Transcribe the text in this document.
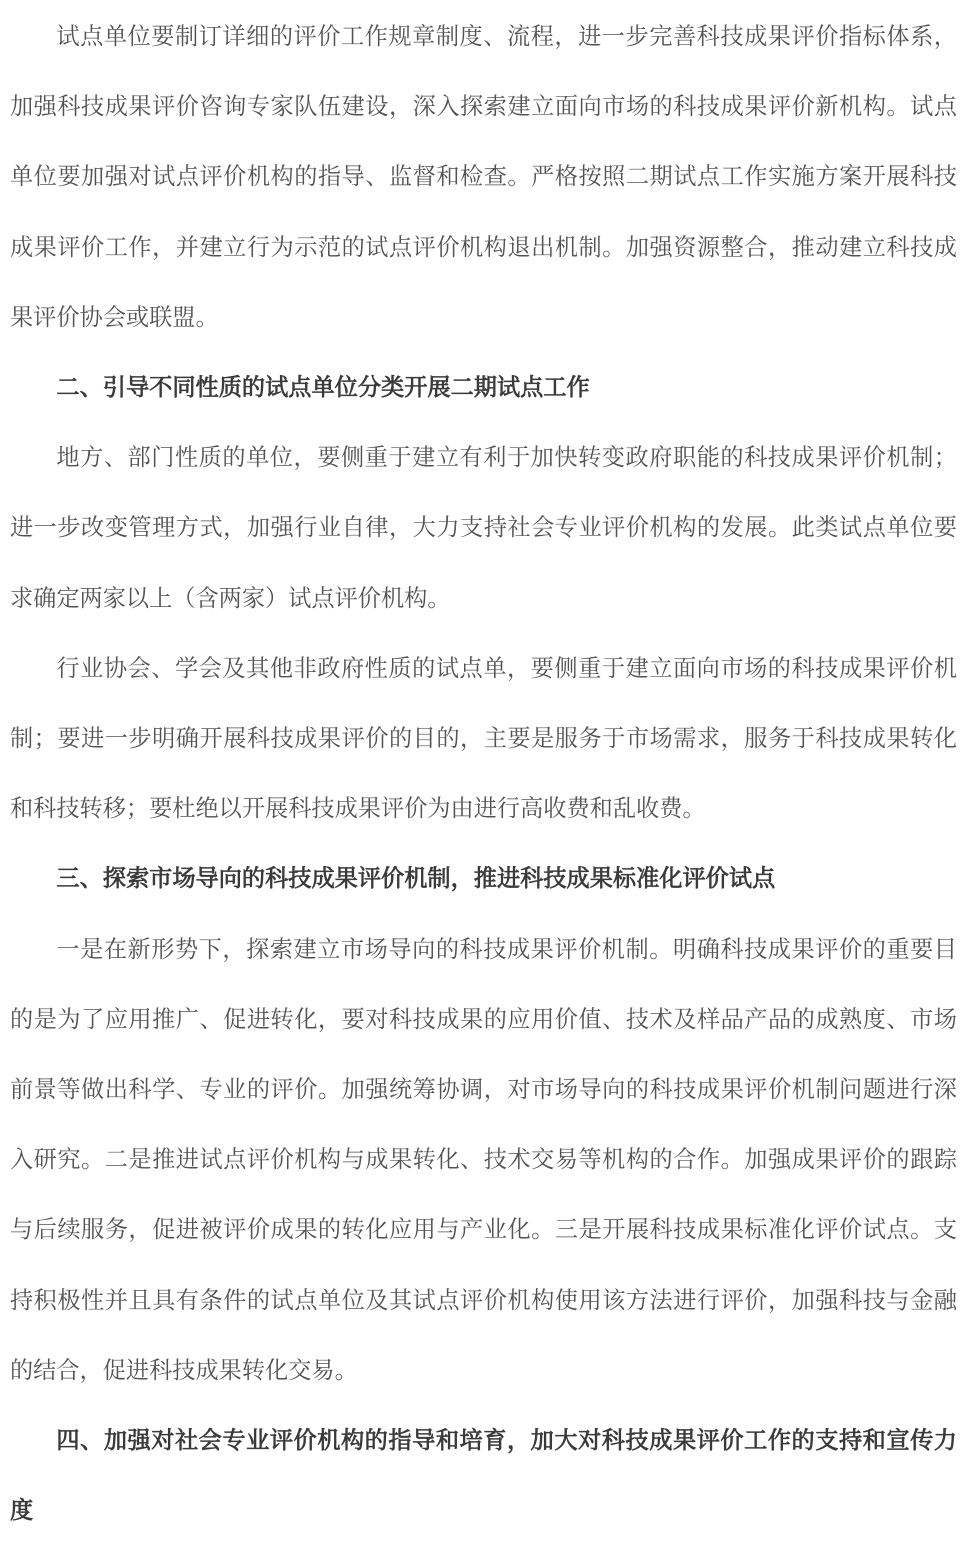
试点单位要制订详细的评价工作规章制度、流程，进一步完善科技成果评价指标体系，加强科技成果评价咨询专家队伍建设，深入探索建立面向市场的科技成果评价新机构。试点单位要加强对试点评价机构的指导、监督和检查。严格按照二期试点工作实施方案开展科技成果评价工作，并建立行为示范的试点评价机构退出机制。加强资源整合，推动建立科技成果评价协会或联盟。

二、引导不同性质的试点单位分类开展二期试点工作

地方、部门性质的单位，要侧重于建立有利于加快转变政府职能的科技成果评价机制；进一步改变管理方式，加强行业自律，大力支持社会专业评价机构的发展。此类试点单位要求确定两家以上（含两家）试点评价机构。

行业协会、学会及其他非政府性质的试点单，要侧重于建立面向市场的科技成果评价机制；要进一步明确开展科技成果评价的目的，主要是服务于市场需求，服务于科技成果转化和科技转移；要杜绝以开展科技成果评价为由进行高收费和乱收费。

三、探索市场导向的科技成果评价机制，推进科技成果标准化评价试点

一是在新形势下，探索建立市场导向的科技成果评价机制。明确科技成果评价的重要目的是为了应用推广、促进转化，要对科技成果的应用价值、技术及样品产品的成熟度、市场前景等做出科学、专业的评价。加强统筹协调，对市场导向的科技成果评价机制问题进行深入研究。二是推进试点评价机构与成果转化、技术交易等机构的合作。加强成果评价的跟踪与后续服务，促进被评价成果的转化应用与产业化。三是开展科技成果标准化评价试点。支持积极性并且具有条件的试点单位及其试点评价机构使用该方法进行评价，加强科技与金融的结合，促进科技成果转化交易。

四、加强对社会专业评价机构的指导和培育，加大对科技成果评价工作的支持和宣传力度
